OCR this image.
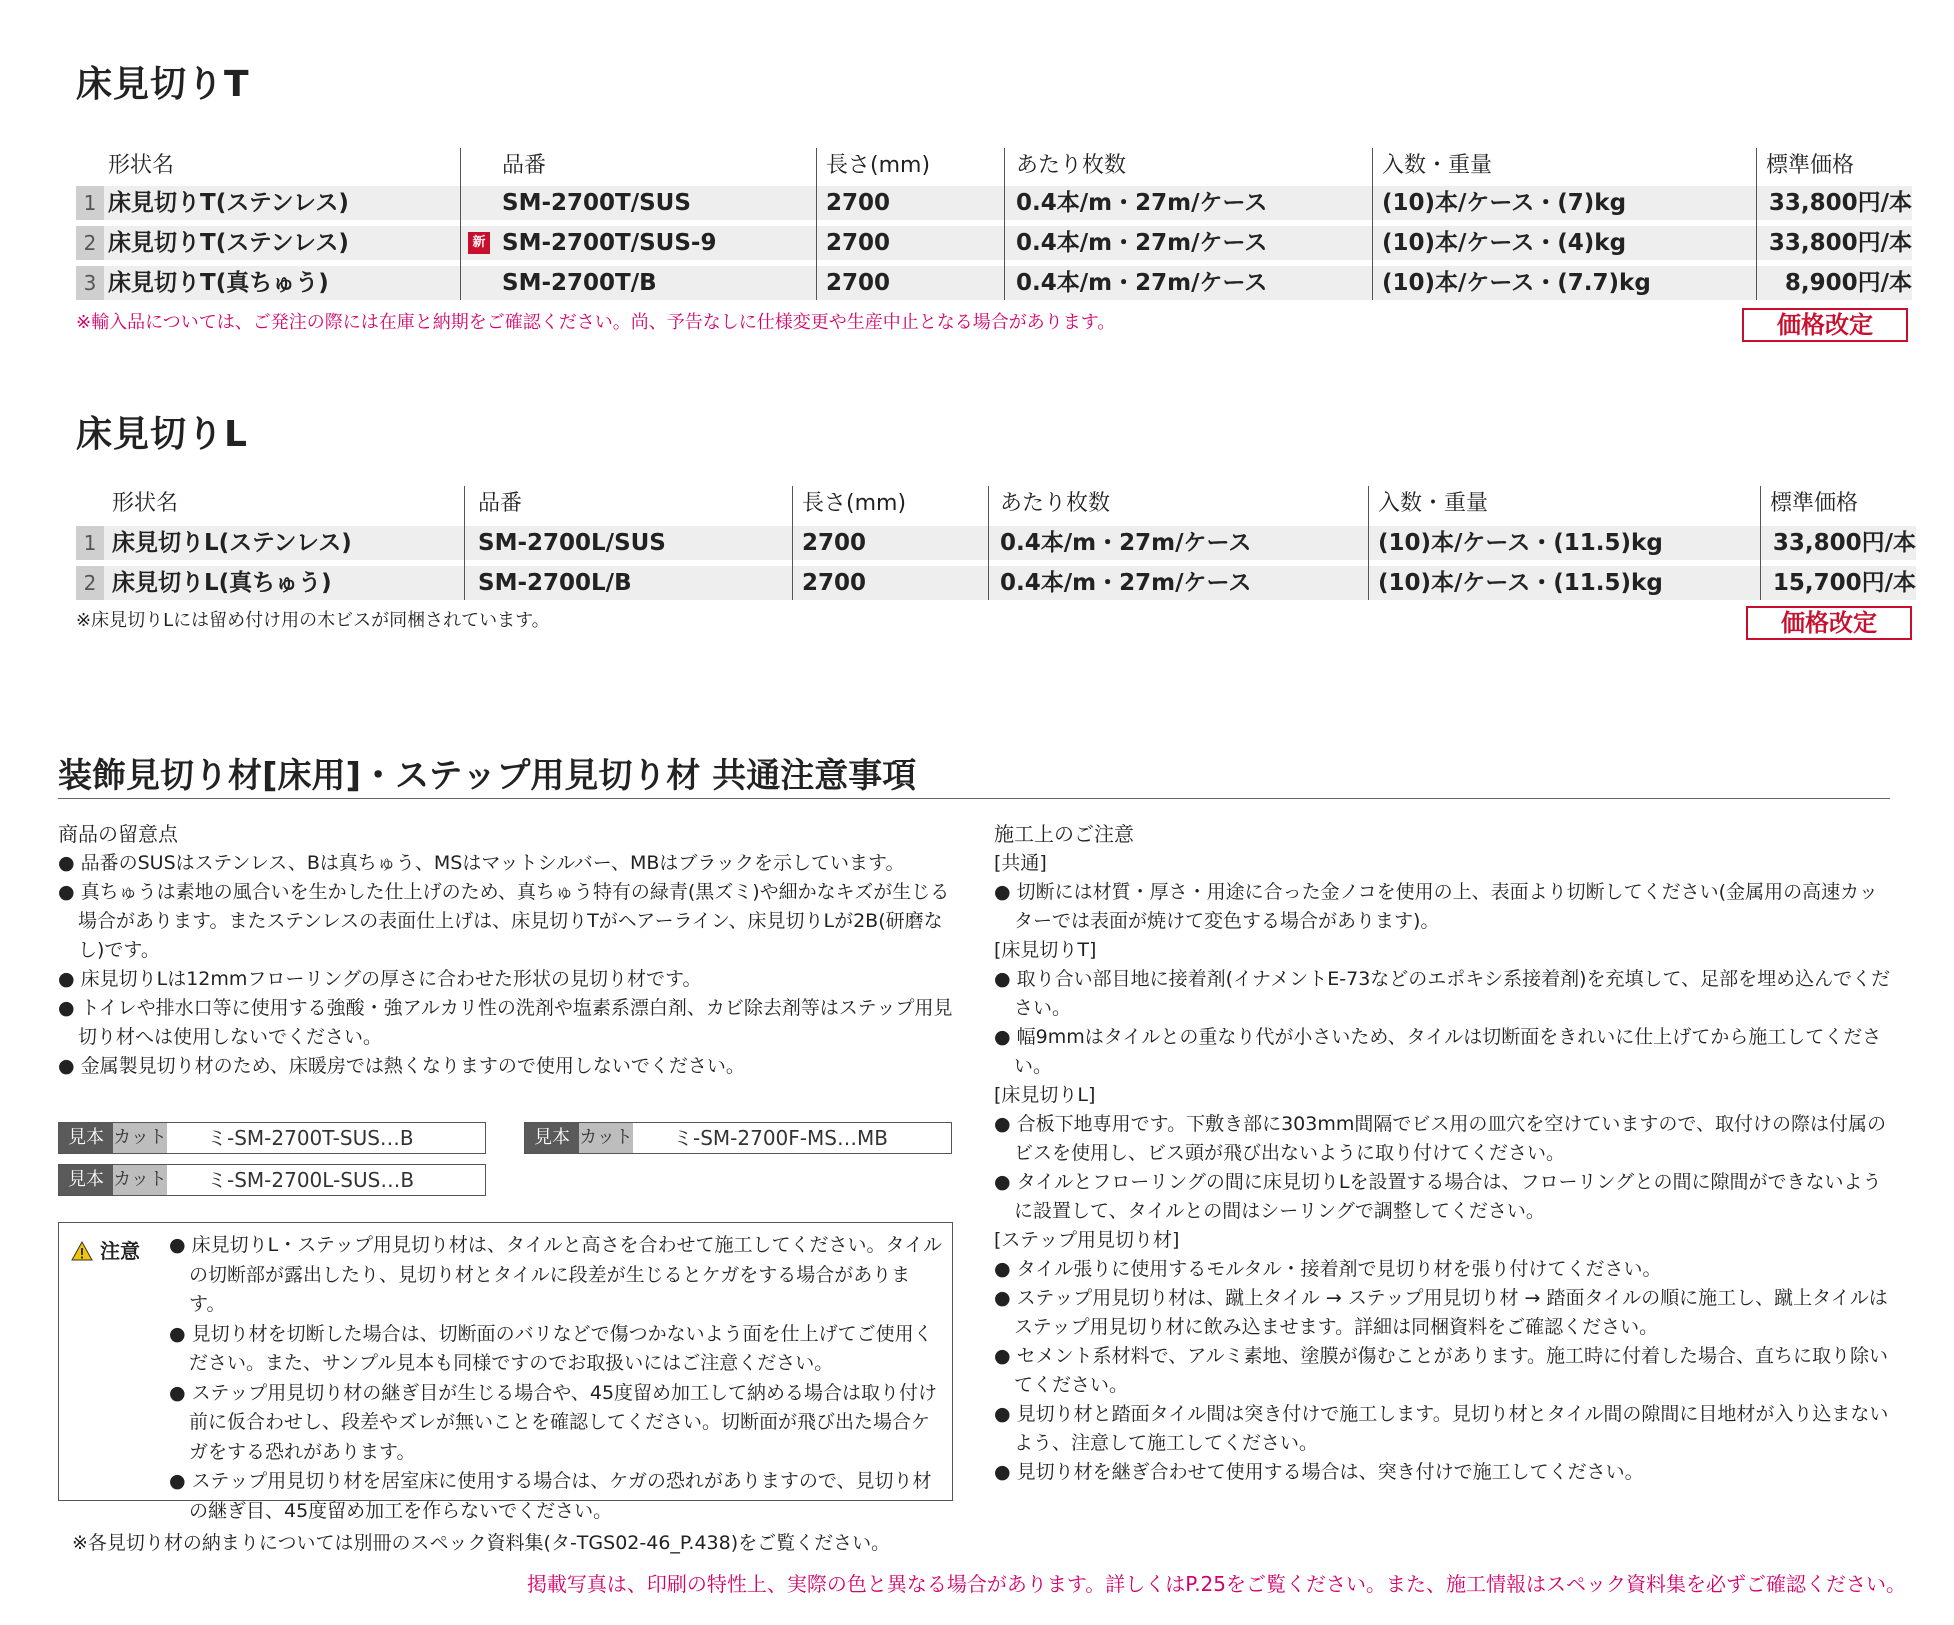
床見切りT
形状名	品番	長さ(mm)	あたり枚数	入数・重量	標準価格
1 床見切りT(ステンレス)	SM-2700T/SUS	2700	0.4本/m・27m/ケース	(10)本/ケース・(7)kg	33,800円/本
2 床見切りT(ステンレス)	新 SM-2700T/SUS-9	2700	0.4本/m・27m/ケース	(10)本/ケース・(4)kg	33,800円/本
3 床見切りT(真ちゅう)	SM-2700T/B	2700	0.4本/m・27m/ケース	(10)本/ケース・(7.7)kg	8,900円/本
※輸入品については、ご発注の際には在庫と納期をご確認ください。尚、予告なしに仕様変更や生産中止となる場合があります。	価格改定
床見切りL
形状名	品番	長さ(mm)	あたり枚数	入数・重量	標準価格
1 床見切りL(ステンレス)	SM-2700L/SUS	2700	0.4本/m・27m/ケース	(10)本/ケース・(11.5)kg	33,800円/本
2 床見切りL(真ちゅう)	SM-2700L/B	2700	0.4本/m・27m/ケース	(10)本/ケース・(11.5)kg	15,700円/本
※床見切りLには留め付け用の木ビスが同梱されています。	価格改定
装飾見切り材[床用]・ステップ用見切り材 共通注意事項
商品の留意点

● 品番のSUSはステンレス、Bは真ちゅう、MSはマットシルバー、MBはブラックを示しています。

● 真ちゅうは素地の風合いを生かした仕上げのため、真ちゅう特有の緑青(黒ズミ)や細かなキズが生じる場合があります。またステンレスの表面仕上げは、床見切りTがヘアーライン、床見切りLが2B(研磨なし)です。

● 床見切りLは12mmフローリングの厚さに合わせた形状の見切り材です。

● トイレや排水口等に使用する強酸・強アルカリ性の洗剤や塩素系漂白剤、カビ除去剤等はステップ用見切り材へは使用しないでください。

● 金属製見切り材のため、床暖房では熱くなりますので使用しないでください。

見本 カット ミ-SM-2700T-SUS…B
見本 カット ミ-SM-2700L-SUS…B
見本 カット ミ-SM-2700F-MS…MB
注意 ● 床見切りL・ステップ用見切り材は、タイルと高さを合わせて施工してください。タイルの切断部が露出したり、見切り材とタイルに段差が生じるとケガをする場合があります。

● 見切り材を切断した場合は、切断面のバリなどで傷つかないよう面を仕上げてご使用ください。また、サンプル見本も同様ですのでお取扱いにはご注意ください。

● ステップ用見切り材の継ぎ目が生じる場合や、45度留め加工して納める場合は取り付け前に仮合わせし、段差やズレが無いことを確認してください。切断面が飛び出た場合ケガをする恐れがあります。

● ステップ用見切り材を居室床に使用する場合は、ケガの恐れがありますので、見切り材の継ぎ目、45度留め加工を作らないでください。

施工上のご注意
[共通]

● 切断には材質・厚さ・用途に合った金ノコを使用の上、表面より切断してください(金属用の高速カッターでは表面が焼けて変色する場合があります)。

[床見切りT]

● 取り合い部目地に接着剤(イナメントE-73などのエポキシ系接着剤)を充填して、足部を埋め込んでください。

● 幅9mmはタイルとの重なり代が小さいため、タイルは切断面をきれいに仕上げてから施工してください。

[床見切りL]

● 合板下地専用です。下敷き部に303mm間隔でビス用の皿穴を空けていますので、取付けの際は付属のビスを使用し、ビス頭が飛び出ないように取り付けてください。

● タイルとフローリングの間に床見切りLを設置する場合は、フローリングとの間に隙間ができないように設置して、タイルとの間はシーリングで調整してください。

[ステップ用見切り材]

● タイル張りに使用するモルタル・接着剤で見切り材を張り付けてください。

● ステップ用見切り材は、蹴上タイル → ステップ用見切り材 → 踏面タイルの順に施工し、蹴上タイルはステップ用見切り材に飲み込ませます。詳細は同梱資料をご確認ください。

● セメント系材料で、アルミ素地、塗膜が傷むことがあります。施工時に付着した場合、直ちに取り除いてください。

● 見切り材と踏面タイル間は突き付けで施工します。見切り材とタイル間の隙間に目地材が入り込まないよう、注意して施工してください。

● 見切り材を継ぎ合わせて使用する場合は、突き付けで施工してください。

※各見切り材の納まりについては別冊のスペック資料集(タ-TGS02-46_P.438)をご覧ください。
掲載写真は、印刷の特性上、実際の色と異なる場合があります。詳しくはP.25をご覧ください。また、施工情報はスペック資料集を必ずご確認ください。
